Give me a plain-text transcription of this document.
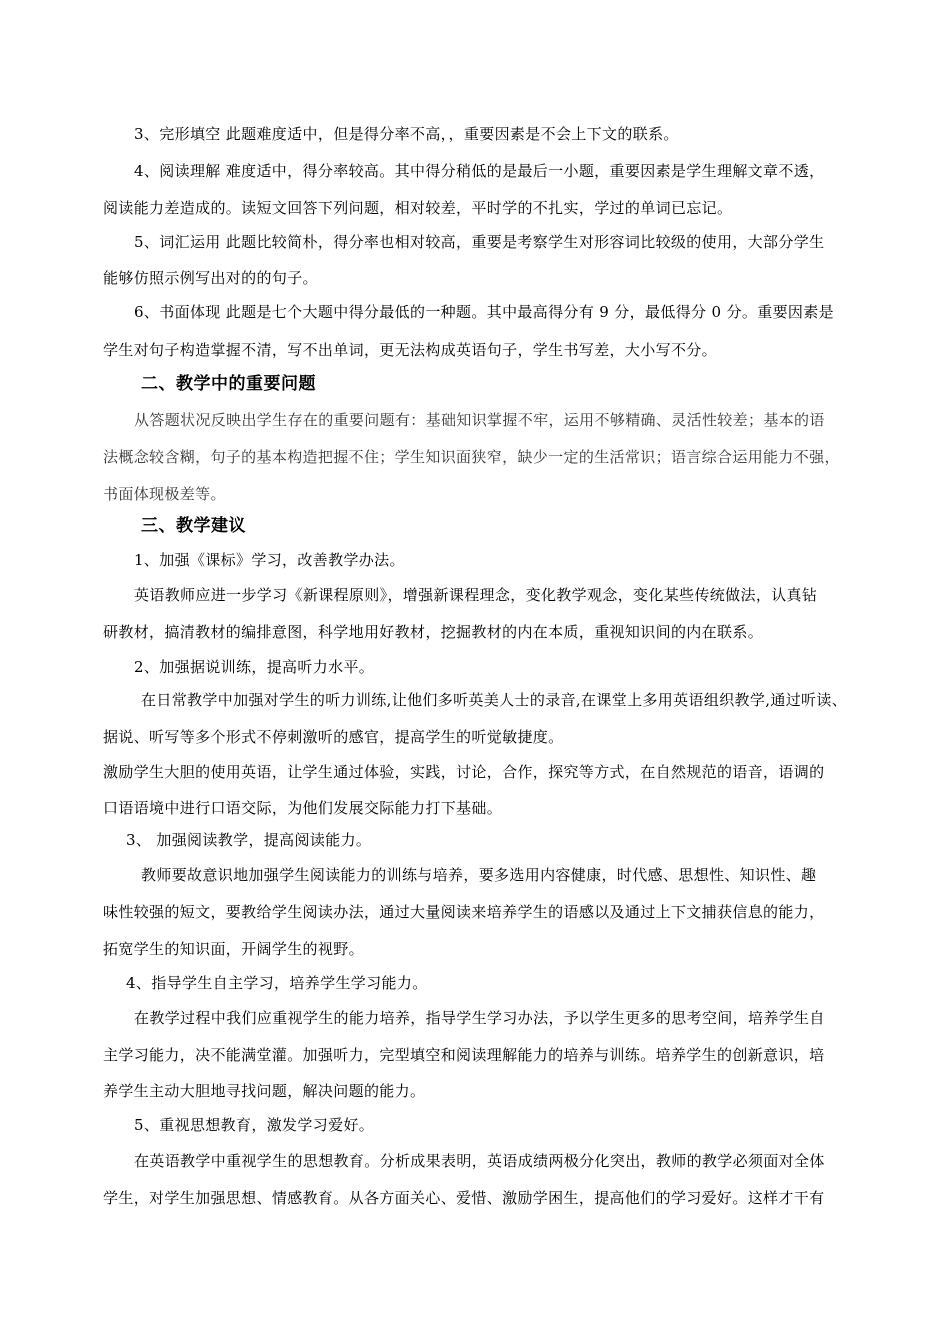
3、完形填空 此题难度适中，但是得分率不高，，重要因素是不会上下文的联系。
4、阅读理解 难度适中，得分率较高。其中得分稍低的是最后一小题，重要因素是学生理解文章不透，
阅读能力差造成的。读短文回答下列问题，相对较差，平时学的不扎实，学过的单词已忘记。
5、词汇运用 此题比较简朴，得分率也相对较高，重要是考察学生对形容词比较级的使用，大部分学生
能够仿照示例写出对的的句子。
6、书面体现 此题是七个大题中得分最低的一种题。其中最高得分有 9 分，最低得分 0 分。重要因素是
学生对句子构造掌握不清，写不出单词，更无法构成英语句子，学生书写差，大小写不分。
二、教学中的重要问题
从答题状况反映出学生存在的重要问题有：基础知识掌握不牢，运用不够精确、灵活性较差；基本的语
法概念较含糊，句子的基本构造把握不住；学生知识面狭窄，缺少一定的生活常识；语言综合运用能力不强，
书面体现极差等。
三、教学建议
1、加强《课标》学习，改善教学办法。
英语教师应进一步学习《新课程原则》，增强新课程理念，变化教学观念，变化某些传统做法，认真钻
研教材，搞清教材的编排意图，科学地用好教材，挖掘教材的内在本质，重视知识间的内在联系。
2、加强据说训练，提高听力水平。
在日常教学中加强对学生的听力训练,让他们多听英美人士的录音,在课堂上多用英语组织教学,通过听读、
据说、听写等多个形式不停刺激听的感官，提高学生的听觉敏捷度。
激励学生大胆的使用英语，让学生通过体验，实践，讨论，合作，探究等方式，在自然规范的语音，语调的
口语语境中进行口语交际，为他们发展交际能力打下基础。
3、 加强阅读教学，提高阅读能力。
教师要故意识地加强学生阅读能力的训练与培养，要多选用内容健康，时代感、思想性、知识性、趣
味性较强的短文，要教给学生阅读办法，通过大量阅读来培养学生的语感以及通过上下文捕获信息的能力，
拓宽学生的知识面，开阔学生的视野。
4、指导学生自主学习，培养学生学习能力。
在教学过程中我们应重视学生的能力培养，指导学生学习办法，予以学生更多的思考空间，培养学生自
主学习能力，决不能满堂灌。加强听力，完型填空和阅读理解能力的培养与训练。培养学生的创新意识，培
养学生主动大胆地寻找问题，解决问题的能力。
5、重视思想教育，激发学习爱好。
在英语教学中重视学生的思想教育。分析成果表明，英语成绩两极分化突出，教师的教学必须面对全体
学生，对学生加强思想、情感教育。从各方面关心、爱惜、激励学困生，提高他们的学习爱好。这样才干有
